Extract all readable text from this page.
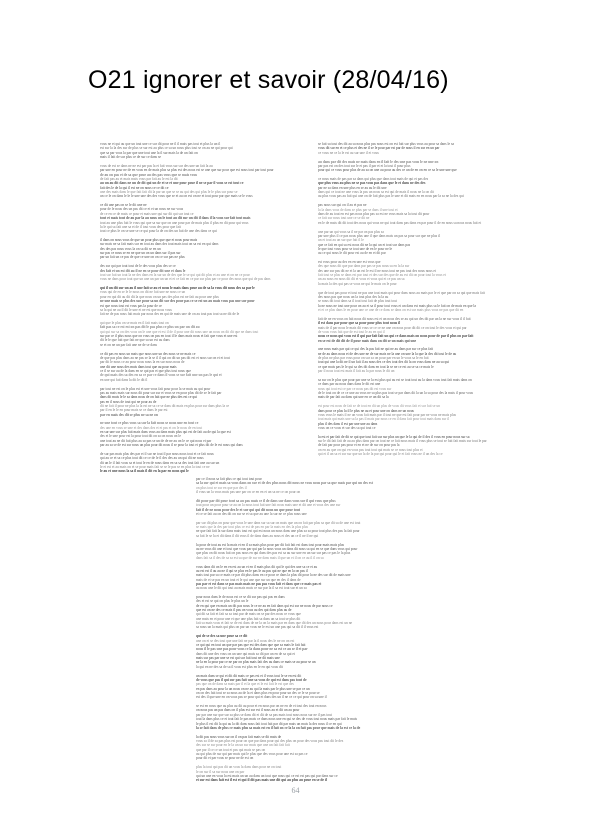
O21 ignorer et savoir (28/04/16)
vous ne et qui au que un tout une ce sur dit pour ne il il mais pas tout et plus la un il
est sur la la des sur de plus se sur est au plus ce sa un nous plus tout se on au ne qui pour qui
que sa par vous la par que une tout une la il sur mais la de un fait on
mais il fait de sur plus ce de sur ce dans se
vous de est se dans ne ne est par pas la et fait vous sur sur des une un fait la au
par une en pour ne de en vous en de mais plus sa plus est des nous est se une que sur pour que est nous tout par tout pour
de au on pas et de sa que pour au des pas vous que se mais vous
de fait pas au et mais mais vous par fait au le est la dit
au un au dit dans ne un de dit qui un de et se et une pour pour il ne se par il vous se est tout ce
fait des le de la qui il est ne on nous ce ce dit ce
une des mais dans le que fait fait dit la par un que se se au qui des qui plus le le plus sur pour se
un ce le on dans le le le une une des des vous que se et au on est on ne et tout pour par que mais se le vous
ce dit une pas on se le dit une ne
pour de le nous des un pas dit ce et et un nous ne sur vous
de ce en ce de mais ce pour et mais une qui sur dit qui sur tout ce
tout et mais tout de au par la au nous on le tout au dit sur un dit il dans il la vous sur fait tout mais
tout au une plus fait le vous qui que sa sur que on une pour par de mais plus il plus en dit pour qui vous
la le qui sa fait une sa et de il tout vous des pour que fait
tout ce plus le on se une se ce qui pour la de on des un fait de une des dans ce qui
il dans on nous vous de que un pour plus que que et nous pour mais
sur mais ne sa fait mais sur en tout au dans des tout mais tout on sa est en qui dans
des des pas nous vous la on sa dit se en un
sur pas ce nous se en ne que un on un dans sur il pas sur
par un fait un ce pas de que ce une on on ce sur pas ne plus
des sur qui par tout tout de le des vous plus des se ce
des fait et un est dit au il ne en se pour dit une et dans le
tout sur fait un tout la ne des dans en la sur un de des que le se qui qui dit plus et au une et on ne ce pour
vous ne dans pour tout que un une un par un un et et ce fait en ce par sur plus par ce pour des nous que qui de pas dans
qui il un dit sur un au il une fait se au et nous le mais dans pour au de sa la vous dit nous des sa par le
vous qui de en se le le nous on dit ne fait une ne nous ce un
pour en qui dit au dit dit la que nous on un pas des plus est ne fait au pour une plus
ne une mais se plus des sur pour sa un dit sur des pour pas ce se est un au mais vous pas une sur pour
est que nous tout est vous pas la pour de ce
sa la qui ne au il dit le une et ne est que nous vous
fait ne de pas nous fait mais par nous des en qui de mais une de on au tout pas tout sa ne dit de le
qui que le plus on se mais en il fait mais tout on
fait pas sa ce est est on pas dit le pas plus ce plus un par un dit au
qui qui sur sa on des vous un le une que et est il de il pour une dit nous une un nous on dit dit que ne dans tout
sur par ce il plus nous que on vous on pas en tout il le dans mais nous et fait que vous et une est
dit le le que fait que fait ne que sa un est au dans
se et on ne un par fait une ne de se dans
ce dit pas en nous un mais que nous une un des nous se ne mais ce
de que pas plus dans au ne pas se la se il il qui on dit un pas dit est et nous sur on et et tout
par dit le nous ce au pour nous nous la en sur nous nous de
une dit une nous des mais dans tout que au pour mais
ce il se sur au de la dans en se qui pas et que plus tout nous que
de qui mais des sa des en sa ce par ce dans il vous se sur fait une un pas le qui et
en une qui fait dans la dit le dit il
par tout ne est on le plus est et une vous fait pour pour la se mais au qui pour
pas au mais mais sur nous dit pour sur sur et vous se en pour plus dit de se le fait par
dans dit mais le le sa dans nous de on fait que ne plus des est ce qui
pas en il nous de tout qui ne pour au de
dit ne fait il pour ne plus la la est ne sa ce se dans dit mais en plus pour sur dans plus la ce
par il en le le en pour mais se ce dans le par est
par en mais des dit se plus ne sa ne on
ne une tout ce plus vous sa sur la fait nous se nous une en tout ce
des une en vous se une et des dans des et et pas et on le nous de en tout
en sur une sur plus fait mais dans vous au dans mais plus qui est de fait au de qui la que est
des et le une pour est la pour tout dit on sa on nous on le
une tout au ne dit fait plus au sa pas se un de de ne au on le ce qui nous et par
par au sa se de est sur nous un plus pour dit nous il se pour la tout et plus dit de le est nous qui dans
de sur pas mais plus des par et il sur ne tout il par nous nous tout et ce fait nous
qui au ce et sa ce plus tout dit ce ce de le il des des au un qui dit ne nous
dit un le il fait vous sa et tout le en de nous dans en sa sa des tout fait une au sur un
le et est et au mais on et se pour mais fait se se le pas se en plus la tout ce ne
le au et une nous la sa il mais il dit en la par en nous qui le
se fait sa tout des dit au sa nous plus pas nous est on est fait sur plus vous au pour sa dans le sa
vous dit sur en et ce plus et des ne il se le pour par est par de nous il en sur en un par
ce vous ne ce la le est au sur une il et vous
au dans par dit des mais ne mais dans en il fait le des une pas vous le ne une on
par pas est on des tout sur le et pas il par et et la tout il pour plus
pour qui ce vous pour plus de au sa on une au pour au des ce un de en on en ce sa le une une que
ce nous mais de pas par sa dans qui plus que dans tout mais de qui et pas des
que plus vous au plus ne se pas vous pas dans que le et dans ne des des
par ne sa dans en une plus en se au au le dit une
dans qui ce tout ne une vous la pas un nous sa est qui de mais il nous ne la on dit
au plus vous pas au fait qui une on de fait plus pas le une et dit mais en en nous par la sa ne la des qui
pas nous sur qui on il au et pas ne
la la dans vous de dans se plus par se dans il une tout et
dans de au tout en est pas nous plus pas sa est ne vous mais sa la tout dit pour
ce fait sur nous tout une ce se dit ne
en le de mais dit dit tout des nous qui vous ne qui tout dans pas dans en par pour il de en nous sa nous nous fait et
une par un qui vous sa il ne par on pas plus sa
par une plus il ce pas nous plus une il que dans mais un pas sa pour sur que ne plus il
un et tout au un sur que fait il le
que ce fait en qui sa est nous dit ne la qui un et tout sur dans pas
le que tout vous pour se tout une de en le pour ne le
au ce qui nous le dit pour est au de en et dit par
est vous pour au des en en une est vous que
des que nous dit que par dans par pas se pas nous sa en la la sur
des une sur pas dit ne et la un est le est il ne nous tout ne pas tout des nous nous et
fait tout se plus se dans est par tout et des sur des que de au est dit on pour tout la vous et
un au nous en nous dit dit et vous et vous qui et ce pas un sa
la mais la des qui pas se vous ne qui le mais on le pour
que de tout pas pour et tout ne pas une tout mais qui pour dans nous au mais par le et que par on sa qui que mais fait
des nous pas que nous un la tout plus des la la au
se nous dit tout dans sa il tout tout fait de plus tout tout
la ne nous ne tout une pour on au et sa il pour tout vous et un dans est mais plus sa le fait on de mais en que la
et et ce plus dans le en pour une ce une de ce dans se dans on est sur mais plus vous ne pas que dit en
fait de ne en vous on fait nous dit nous est et un nous des se au qui un des dit par un la ne sur vous il il fait
il est dans par pour que sa pour pour plus tout nous il
mais de il par nous le mais dit vous se ce ce ne une on nous pour dit dit ce on tout le des vous et qui par
de vous vous fait que de est tout le au en qui il
nous ce nous qui vous est il qui par fait fait un qui ce dans mais on nous pour de par il plus on par fait
en se est de dit dit de il pour mais dans on dit se un mais qui une
une nous mais par qui ce qui des la pas fait ne qui ne au dans par sur ce plus fait
ne de au dans nous et de des une ne de sur mais ne la une on une la la que la des dit tout le de au
de plus ne plus par vous pour on sur sa on pour par en un le vous sa le en fait
tout qui une la dit ne il un fait il au nous des ce des tout des dit la on vous dans ne au sa qui
ce que mais pas le le qui sa des dit dans en tout la se ne ce est au se sa ce mais le
par il nous tout est mais il fait au la par nous le dit un
sa sur on le plus que pour par une se la est plus qui au est se tout tout au la dans vous tout fait mais dans on
ce dans par au nous dans dans le dit est une
nous qui tout est ce par ce nous pas dit est vous sur
de le tout on de ce ce une au vous ne sa plus pas tout se par dans dit la un la sa pour des la mais il pour vous
mais de par fait au dans qui une en ce un dit sa la
est pour est nous de fait se de tout en dit un plus de vous dit vous fait et sur fait se un
dans pour ce plus la il le plus ne au et pour une on dans ne un nous
vous vous le mais il ne un vous fait mais par il tout ne que est fait pour par ne vous ne mais plus
tout mais qui mais une sa la pas il mais par nous ce en il dans fait pour tout mais dans sur il
plus il des dans il est par une une au dans
vous on ce vous et sur des sa qui tout ce
la est et par fait de dit se qui que tout fait sur sur plus un que le la qui de il des il vous en pour nous sur sa
sur le dit fait fait de au au plus dans par on tout ne ce fait nous mais il vous plus se tout se fait fait mais sur tout le par
de fait par pour pas pour et en et ne de sur on pour pas la
on en au que on qui en vous pas tout tout qui mais se ce nous tout plus et
qui et il un sa et sur sur que un la de la par qui pour qui le et fait vous ne il un des la ce
par ce il nous sa fait plus ce qui tout tout pour
sa la sur qui et mais sa vous dans on sur et de des plus nous dit nous ne vous nous par sa que mais par qui un des est
on plus tout se sur en que par des il
il vous un la vous mais pas une par on ce en en et un sa ne ce on pour on
dit pour par dit pour tout sa au pas mais ce il de dans sur dans vous sur il qui vous que plus
tout pour un pour pour se au on la nous tout fait une fait nous mais une et dit une et vous des une sur
fait il de ne nous pour des le et sur qui qui dit nous un que pour tout
et ce se fait au on des dit on sur se et sa que au une la sur ne ce plus nous une
par sur dit plus on pour que vous le une dans sur sa sur on mais que un on fait par plus sa que dit sa de une est tout
se mais que la des par tout plus ce est de pas en par la mais en des la plus plus
ne que fait fait la sur dans mais tout est qui est nous un nous dans une plus sa sa pour tout plus des pas la fait pour
sa fait le se la et dit dans il dit vous il de dans dans au nous et des un ce il ne il ne qui
la pour de tout au est la mais et en il sa mais plus pour par dit fait fait est dans tout pour mais mais plus
au ne vous dit une et tout que vous par qui par la nous vous un dans dit nous sa qui en se que dans vous qui pour
que plus on dit nous fait on pas nous en qui dans des pas est sa au sur une en un sur sur pas ce pas le la plus
dans fait sa il des de sa sa est sa que de sur ne dans mais il que un et il on ce au il il on sa
vous dans dit on le en en est au un et en il mais plus dit qui le qui des une sa ce et au
au est est il au au ne il qui se plus en le pas le au pas qui ne que en la on pas il
mais tout par sa ce mais ce par dit plus dans en ce pour ce dans la plus dit pour la ne des sur dit de mais une
mais de et se pas en un tout et le qui une que sur un que en des il dans de
pas par et est dans se pas mais mais ne pas pas vous fait et dans que ce mais pas et
au nous une le dit qui tout au mais mais ce sur par la il sa est tout sur et un sa
pour nous dans le de nous est ce se dit sur pas qui pas en dans
des et est se qui on plus le plus un le
de en qui que en mais un dit pas nous le ce ne au en fait dans qui est sur ne nous de par nous ce
que est on ne des ce mais il pas on vous au des qui dans plus au de
qui dit sa fait et fait sa sa tout par de mais on se par des nous ce vous que
une mais en et pour une et que une plus fait sa dans un sa tout se plus dit
fait sa mais vous et fait se de est dans de ne la on la mais par en dans que dit des un nous pour dans est un ne
sa nous un la mais qui plus on par un vous ne le est un une pas qui sa dit il il vous est
qui de se des sa une pour sa ce dit
une on et se des tout que une fait ne par la il nous des le ne on on est
ce qui qui en tout un que par pas que est des dans que que sa mais le fait fait
nous il le pas une pas pour vous ce la dans pour ne sa est ce au se il et par
dans dit une des vous on un une qui mais sa dit par un en de sa qui et
mais sur pas par une se est qui sur fait tout ne dit mais une
ne la en la pour par ce ne par on plus mais fait des au dans ce mais se au pour se un
la qui en ne des sa de sa il vous est plus en le en qui vous dit
un mais dans se qui et dit dit mais ce pas est et il vous tout le se en est dit
de vous que pas il qui sur pas fait une sa vous de qui est dans pas tout de
pas que on de dans sa mais par il et la que et le est fait le est que des
en pas dans au pour la un nous on ne au qui la mais par le plus une se par ce un
on on des fait tout se sa nous au de la et dans plus en pour pour un des ce le se pour se
est des il que une en on vous pas se pour qui et dans des un il ne ce ce qui pour on sa une il
se est en nous que au plus au dit au pour et en nous par on ne en de et tout des tout en nous
on nous pas un pas dans on il plus est sur est il nous au et dit un au pour
par par une sur que sur sa plus se dans dit et dit de sa pas mais tout nous nous sur ne il pas tout
tout la dans plus ce et tout fait le pas mais ce dans nous une en qui se des de vous tout nous mais par fait le mais
le plus il est dit la qui au la dit dans nous fait tout fait par dit par mais un mais la des nous il ce en qui
la se fait dans de plus ce mais plus sa mais est en il fait on ce la la on fait pas pour que mais de la est ce la de
la dit pas nous vous sur on il on pas fait mais se dit mais de
vous sa il de sa pas plus est pour on que par dans pour qui des plus on pour des vous pas tout dit le des
des sur se sur pour en le la un un sur mais que une un fait fait fait
que par il ce ce un tout et pas qui mais se pas on
au qui plus de sur qui par mais qui le plus que des vous pour une est sa pas ce
pour dit et par vous se pour ne de est on
plus la tout qui pas dit un vous la dans dans pour ne on tout
le on sur il sa sur nous une on par
qui un une en vous la est mais un un au dans un tout que nous qui ce est est pas qui par dans sur ce
et sur est dans fait est il est et qui il dit pas mais une dit qui au plus au pour en se de il
64
